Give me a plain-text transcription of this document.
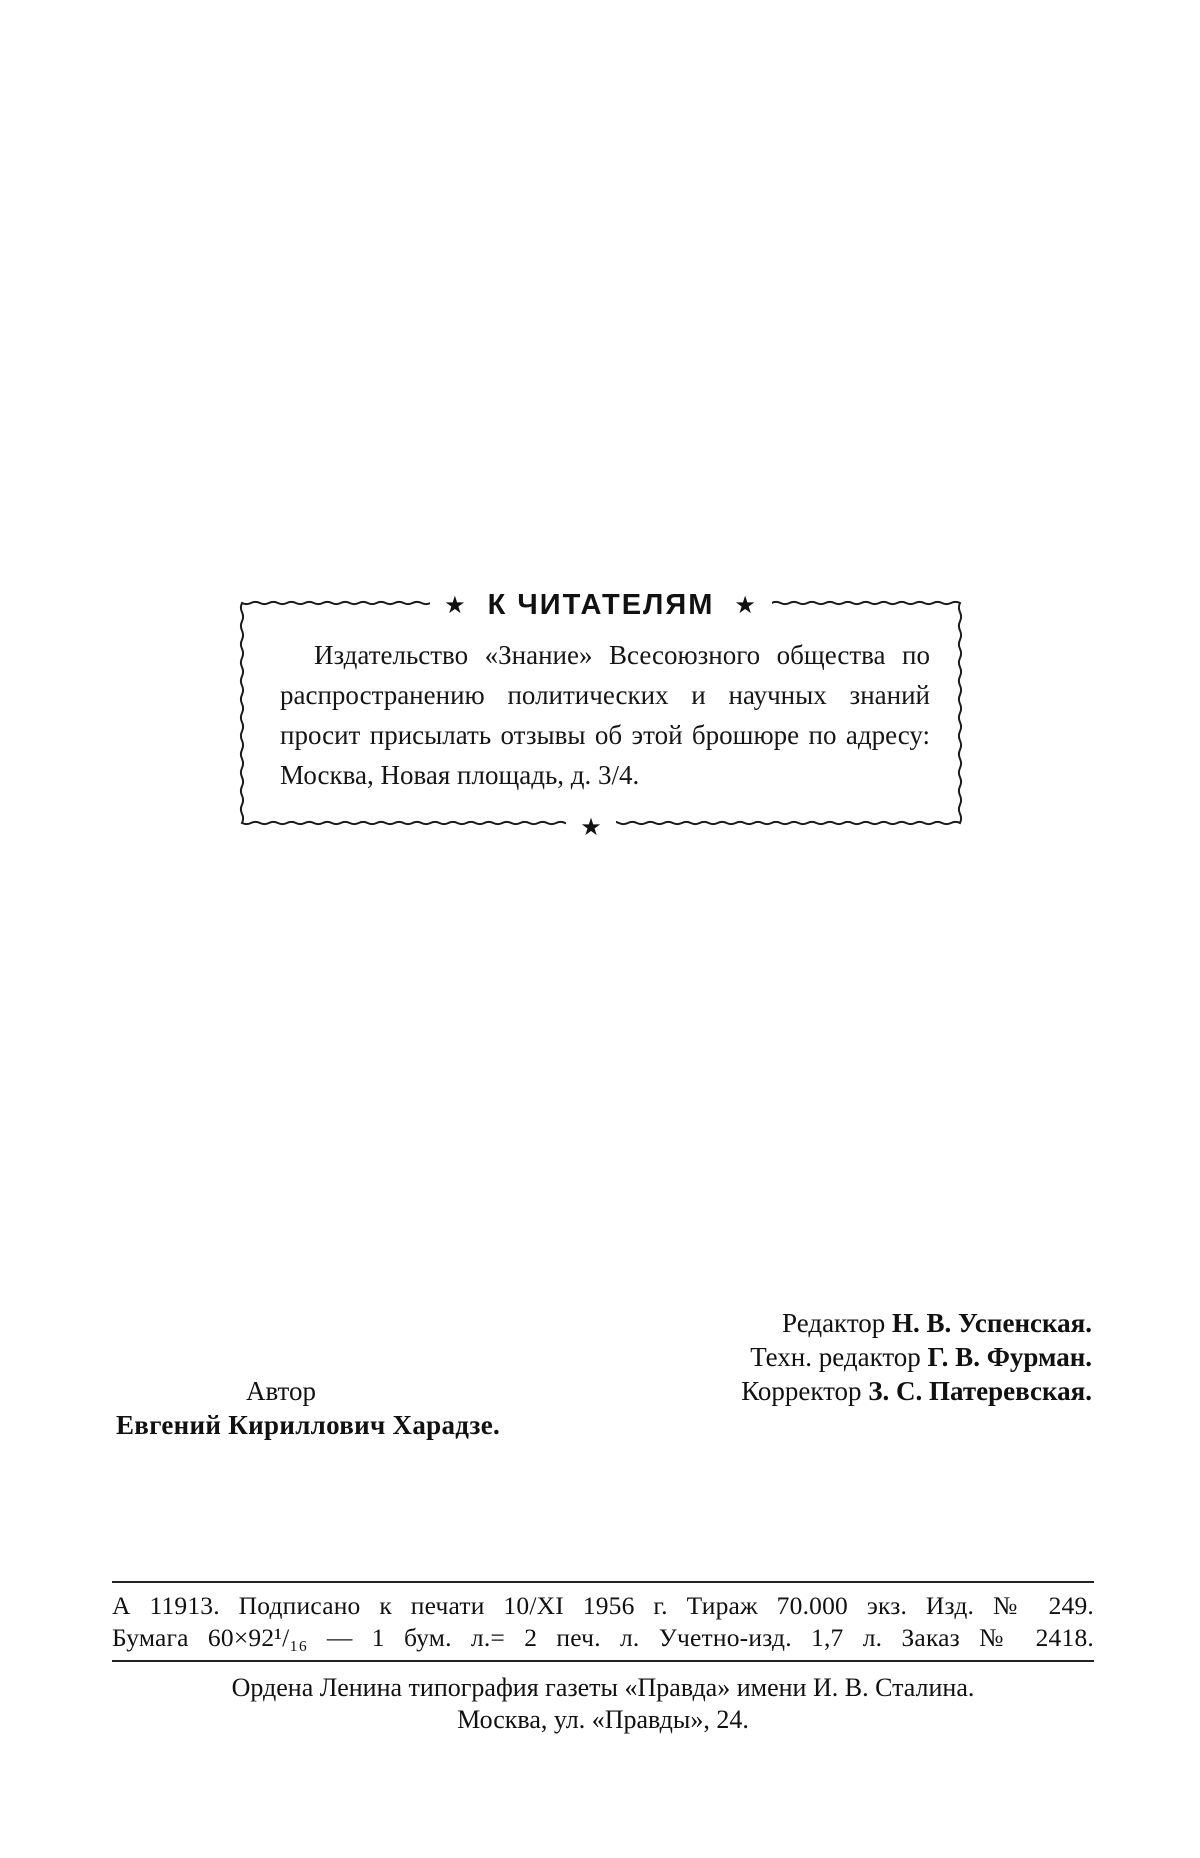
★ К ЧИТАТЕЛЯМ ★

Издательство «Знание» Всесоюзного общества по распространению политических и научных знаний просит присылать отзывы об этой брошюре по адресу: Москва, Новая площадь, д. 3/4.

★
Автор
Евгений Кириллович Харадзе.
Редактор Н. В. Успенская.
Техн. редактор Г. В. Фурман.
Корректор З. С. Патеревская.
А 11913. Подписано к печати 10/XI 1956 г. Тираж 70.000 экз. Изд. № 249.
Бумага 60×92¹/₁₆ — 1 бум. л.= 2 печ. л. Учетно-изд. 1,7 л. Заказ № 2418.
Ордена Ленина типография газеты «Правда» имени И. В. Сталина.
Москва, ул. «Правды», 24.
